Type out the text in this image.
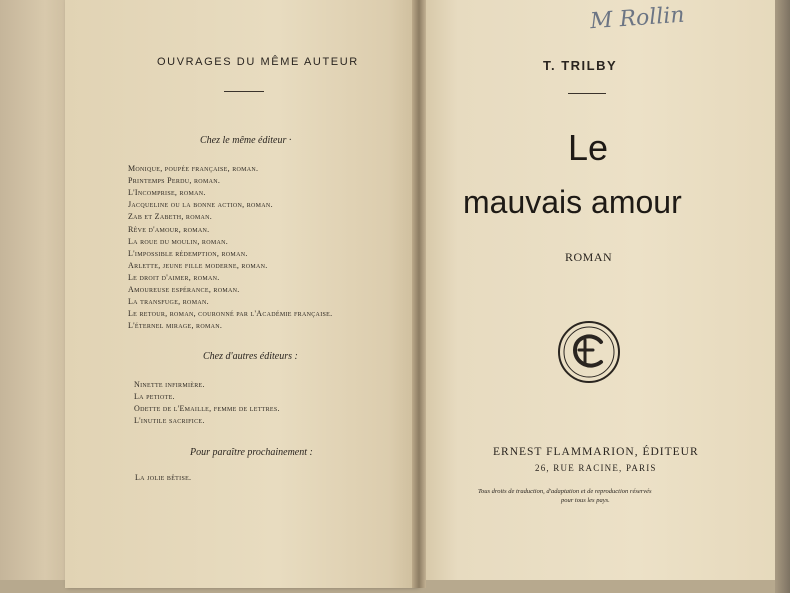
OUVRAGES DU MÊME AUTEUR
Chez le même éditeur ·
Monique, poupée française, roman.
Printemps Perdu, roman.
L'Incomprise, roman.
Jacqueline ou la bonne action, roman.
Zab et Zabeth, roman.
Rêve d'amour, roman.
La roue du moulin, roman.
L'impossible rédemption, roman.
Arlette, jeune fille moderne, roman.
Le droit d'aimer, roman.
Amoureuse espérance, roman.
La transfuge, roman.
Le retour, roman, couronné par l'Académie française.
L'éternel mirage, roman.
Chez d'autres éditeurs :
Ninette infirmière.
La petiote.
Odette de l'Emaille, femme de lettres.
L'inutile sacrifice.
Pour paraître prochainement :
La jolie bêtise.
M Rollin
T. TRILBY
Le
mauvais amour
ROMAN
ERNEST FLAMMARION, ÉDITEUR
26, RUE RACINE, PARIS
Tous droits de traduction, d'adaptation et de reproduction réservés
pour tous les pays.
